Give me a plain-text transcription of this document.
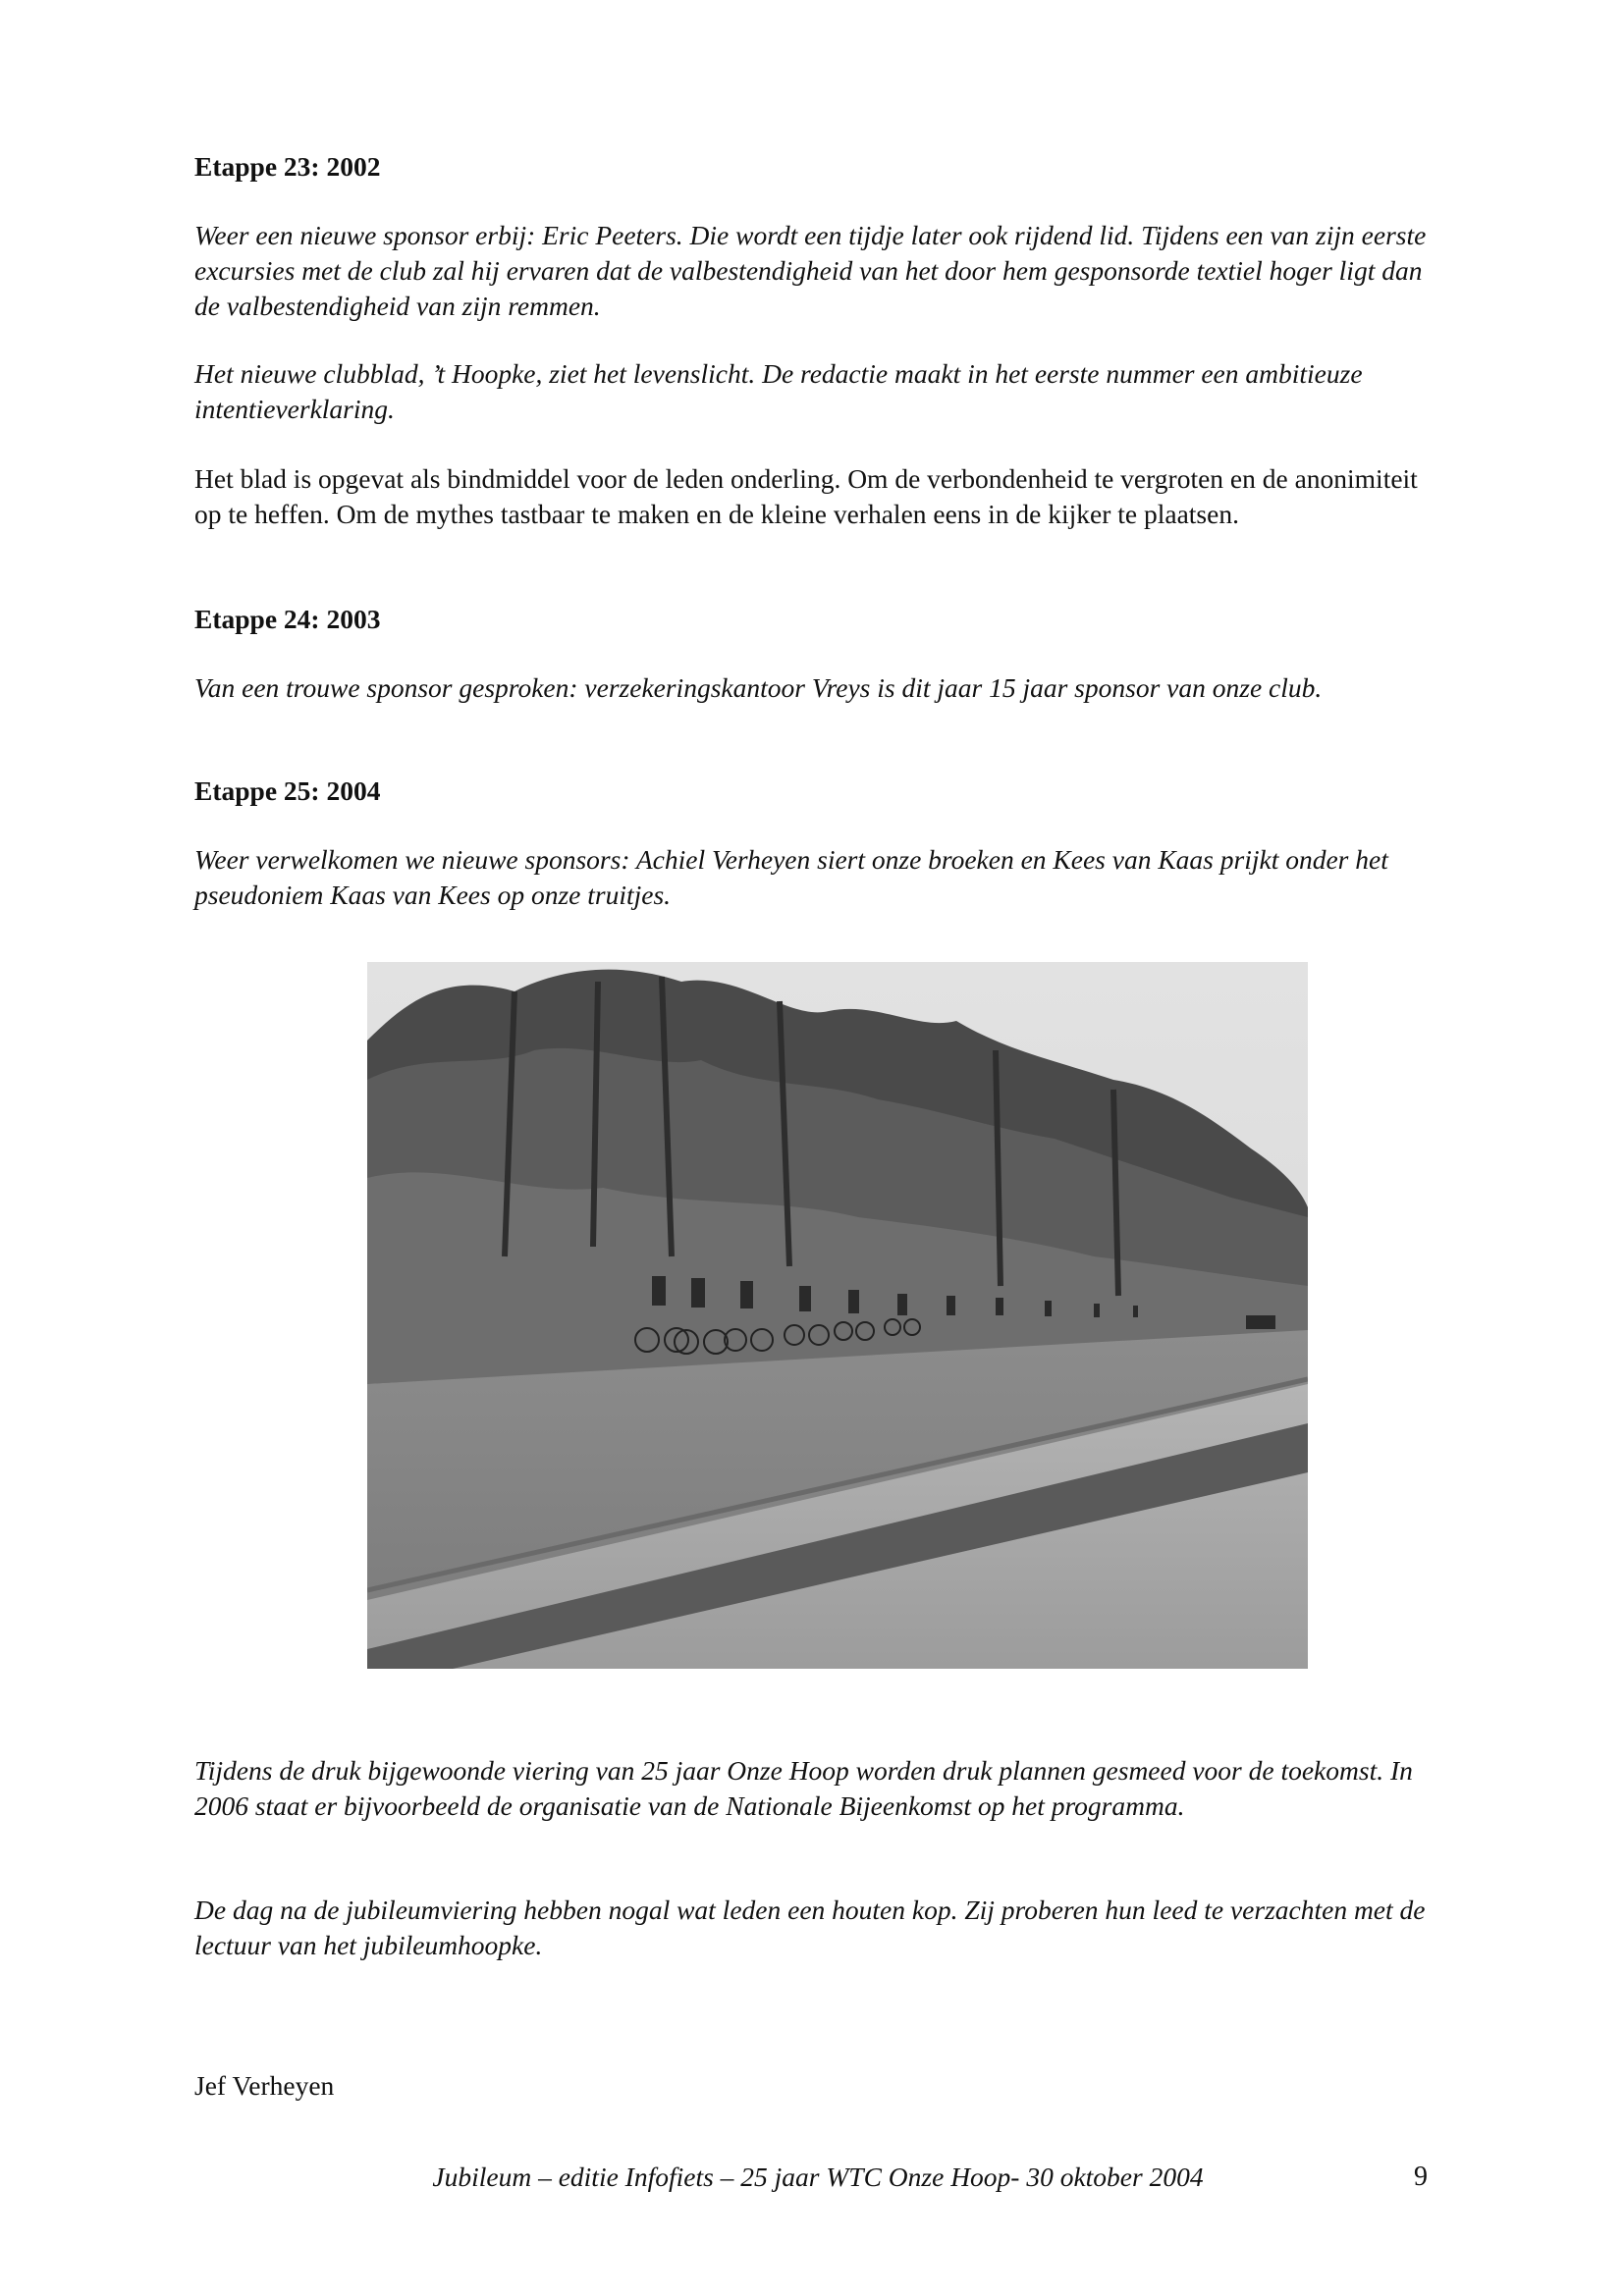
Etappe 23: 2002
Weer een nieuwe sponsor erbij: Eric Peeters. Die wordt een tijdje later ook rijdend lid. Tijdens een van zijn eerste excursies met de club zal hij ervaren dat de valbestendigheid van het door hem gesponsorde textiel hoger ligt dan de valbestendigheid van zijn remmen.
Het nieuwe clubblad, ’t Hoopke, ziet het levenslicht. De redactie maakt in het eerste nummer een ambitieuze intentieverklaring.
Het blad is opgevat als bindmiddel voor de leden onderling. Om de verbondenheid te vergroten en de anonimiteit op te heffen. Om de mythes tastbaar te maken en de kleine verhalen eens in de kijker te plaatsen.
Etappe 24: 2003
Van een trouwe sponsor gesproken: verzekeringskantoor Vreys is dit jaar 15 jaar sponsor van onze club.
Etappe 25: 2004
Weer verwelkomen we nieuwe sponsors: Achiel Verheyen siert onze broeken en Kees van Kaas prijkt onder het pseudoniem Kaas van Kees op onze truitjes.
Tijdens de druk bijgewoonde viering van 25 jaar Onze Hoop worden druk plannen gesmeed voor de toekomst. In 2006 staat er bijvoorbeeld de organisatie van de Nationale Bijeenkomst op het programma.
De dag na de jubileumviering hebben nogal wat leden een houten kop. Zij proberen hun leed te verzachten met de lectuur van het jubileumhoopke.
Jef Verheyen
Jubileum – editie Infofiets – 25 jaar WTC Onze Hoop- 30 oktober 2004	9
